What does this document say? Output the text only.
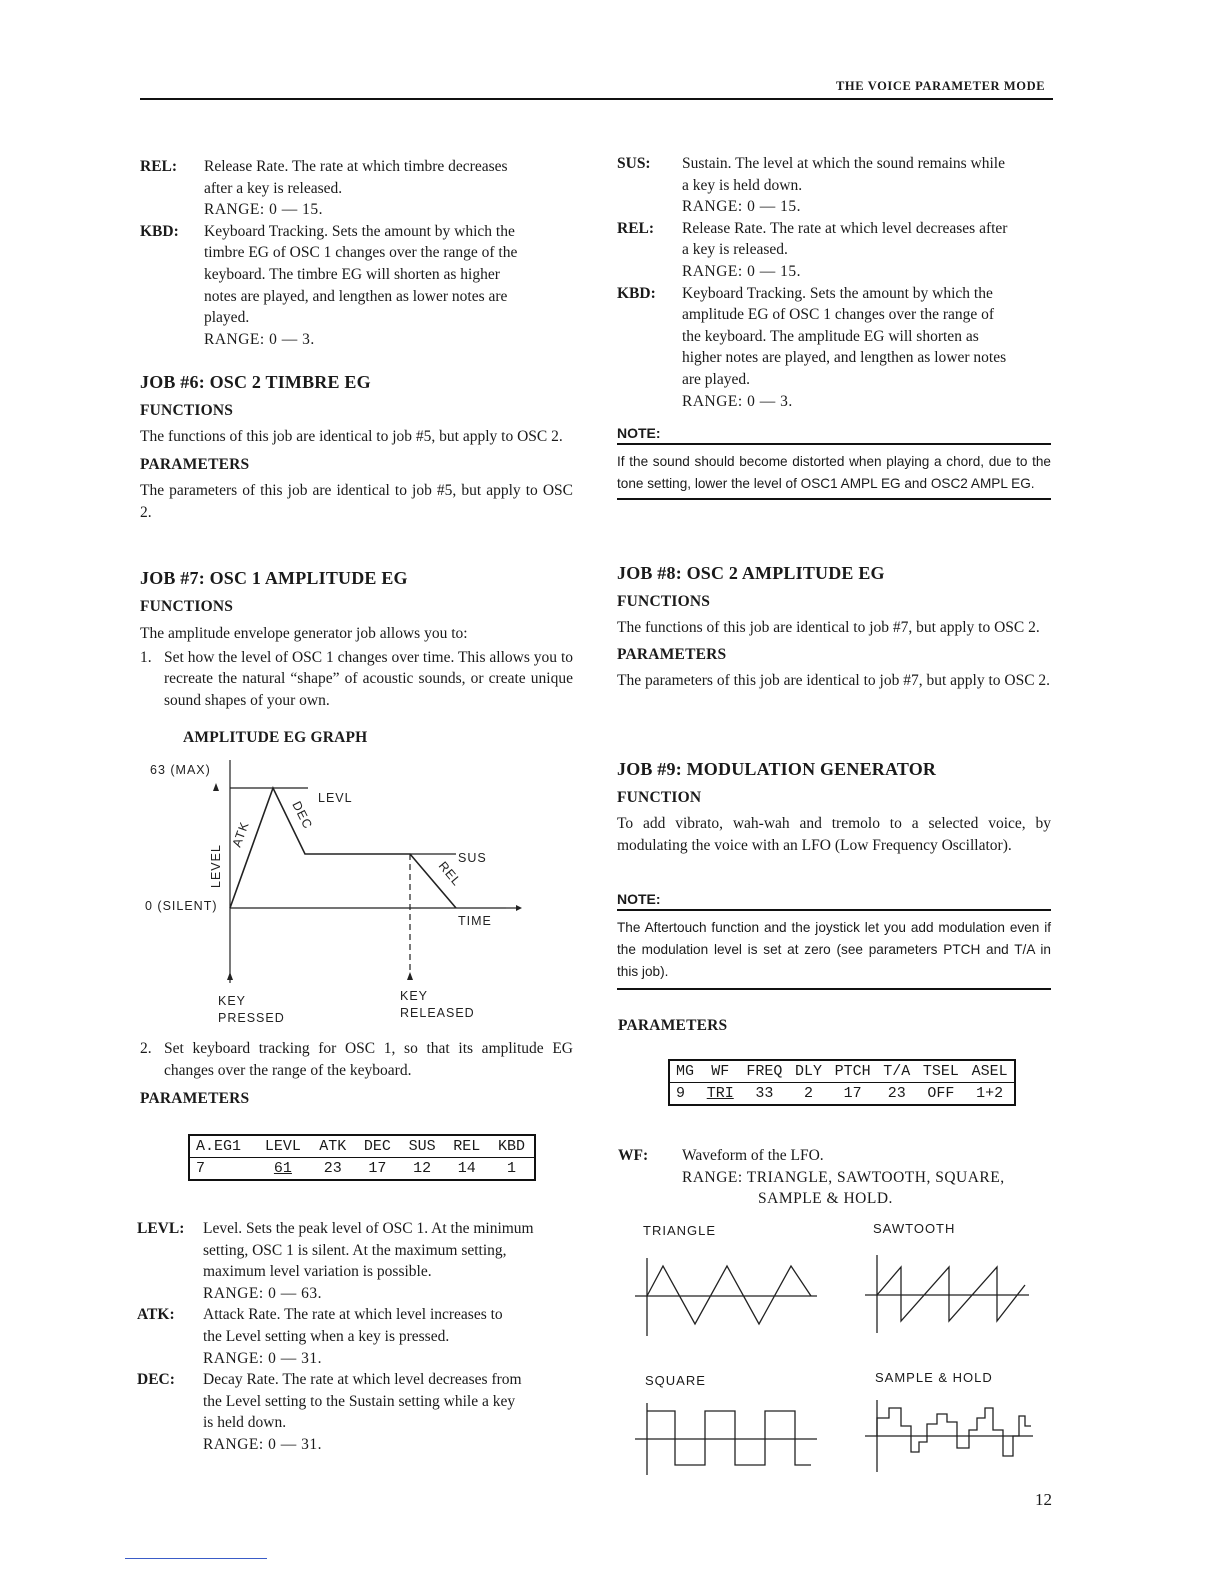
THE VOICE PARAMETER MODE
REL:	Release Rate. The rate at which timbre decreases
after a key is released.
RANGE: 0 — 15.
KBD:	Keyboard Tracking. Sets the amount by which the
timbre EG of OSC 1 changes over the range of the
keyboard. The timbre EG will shorten as higher
notes are played, and lengthen as lower notes are
played.
RANGE: 0 — 3.
JOB #6: OSC 2 TIMBRE EG
FUNCTIONS

The functions of this job are identical to job #5, but apply to OSC 2.

PARAMETERS

The parameters of this job are identical to job #5, but apply to OSC 2.

JOB #7: OSC 1 AMPLITUDE EG
FUNCTIONS

The amplitude envelope generator job allows you to:

1. Set how the level of OSC 1 changes over time. This allows you to recreate the natural “shape” of acoustic sounds, or create unique sound shapes of your own.

AMPLITUDE EG GRAPH
63 (MAX)
0 (SILENT)
LEVL
SUS
TIME
LEVEL
ATK
DEC
REL
KEY
PRESSED
KEY
RELEASED
2. Set keyboard tracking for OSC 1, so that its amplitude EG changes over the range of the keyboard.

PARAMETERS
A.EG1	LEVL	ATK	DEC	SUS	REL	KBD
7	61	23	17	12	14	1
LEVL:	Level. Sets the peak level of OSC 1. At the minimum
setting, OSC 1 is silent. At the maximum setting,
maximum level variation is possible.
RANGE: 0 — 63.
ATK:	Attack Rate. The rate at which level increases to
the Level setting when a key is pressed.
RANGE: 0 — 31.
DEC:	Decay Rate. The rate at which level decreases from
the Level setting to the Sustain setting while a key
is held down.
RANGE: 0 — 31.
SUS:	Sustain. The level at which the sound remains while
a key is held down.
RANGE: 0 — 15.
REL:	Release Rate. The rate at which level decreases after
a key is released.
RANGE: 0 — 15.
KBD:	Keyboard Tracking. Sets the amount by which the
amplitude EG of OSC 1 changes over the range of
the keyboard. The amplitude EG will shorten as
higher notes are played, and lengthen as lower notes
are played.
RANGE: 0 — 3.
NOTE:
If the sound should become distorted when playing a chord, due to the tone setting, lower the level of OSC1 AMPL EG and OSC2 AMPL EG.
JOB #8: OSC 2 AMPLITUDE EG
FUNCTIONS

The functions of this job are identical to job #7, but apply to OSC 2.

PARAMETERS

The parameters of this job are identical to job #7, but apply to OSC 2.

JOB #9: MODULATION GENERATOR
FUNCTION

To add vibrato, wah-wah and tremolo to a selected voice, by modulating the voice with an LFO (Low Frequency Oscillator).

NOTE:
The Aftertouch function and the joystick let you add modulation even if the modulation level is set at zero (see parameters PTCH and T/A in this job).
PARAMETERS
MG	WF	FREQ	DLY	PTCH	T/A	TSEL	ASEL
9	TRI	33	2	17	23	OFF	1+2
WF:	Waveform of the LFO.
RANGE: TRIANGLE, SAWTOOTH, SQUARE,
SAMPLE & HOLD.
TRIANGLE	SAWTOOTH
SQUARE	SAMPLE & HOLD
12
